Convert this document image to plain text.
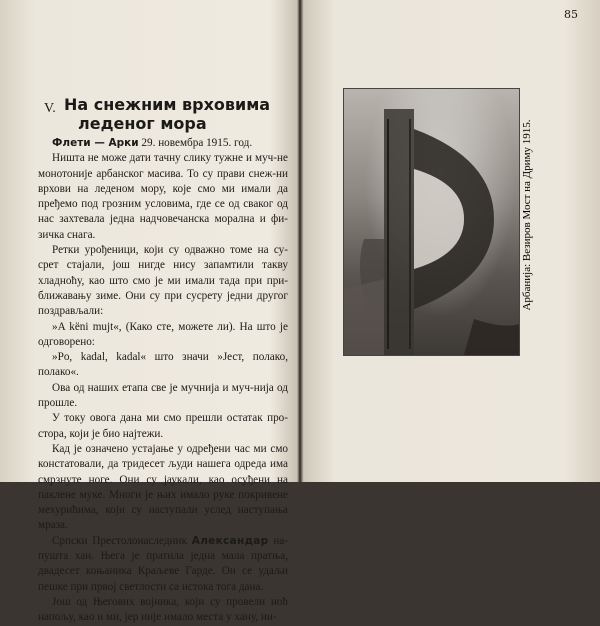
V. На снежним врховима
леденог мора

Флети — Арки 29. новембра 1915. год.

Ништа не може дати тачну слику тужне и муч-не монотоније арбанског масива. То су прави снеж-ни врхови на леденом мору, које смо ми имали да пређемо под грозним условима, где се од сваког од нас захтевала једна надчовечанска морална и фи-зичка снага.

Ретки урођеници, који су одважно томе на су-срет стајали, још нигде нису запамтили такву хладноћу, као што смо је ми имали тада при при-ближавању зиме. Они су при сусрету једни другог поздрављали:

»A këni mujt«, (Како сте, можете ли). На што је одговорено:

»Po, kadal, kadal« што значи »Јест, полако, полако«.

Ова од наших етапа све је мучнија и муч-нија од прошле.

У току овога дана ми смо прешли остатак про-стора, који је био најтежи.

Кад је означено устајање у одређени час ми смо констатовали, да тридесет људи нашега одреда има смрзнуте ноге. Они су јаукали, као осуђени на паклене муке. Многи је њих имало руке покривене мехурићима, који су наступали услед наступања мраза.

Српски Престолонаследник Александар на-пушта хан. Њега је пратила једна мала пратња, двадесет коњаника Краљеве Гарде. Он се удаљи пешке при првој светлости са истока тога дана.

Још од Његових војника, који су провели ноћ напољу, као и ми, јер није имало места у хану, ни-

85
Арбанија: Везиров Мост на Дриму 1915.
